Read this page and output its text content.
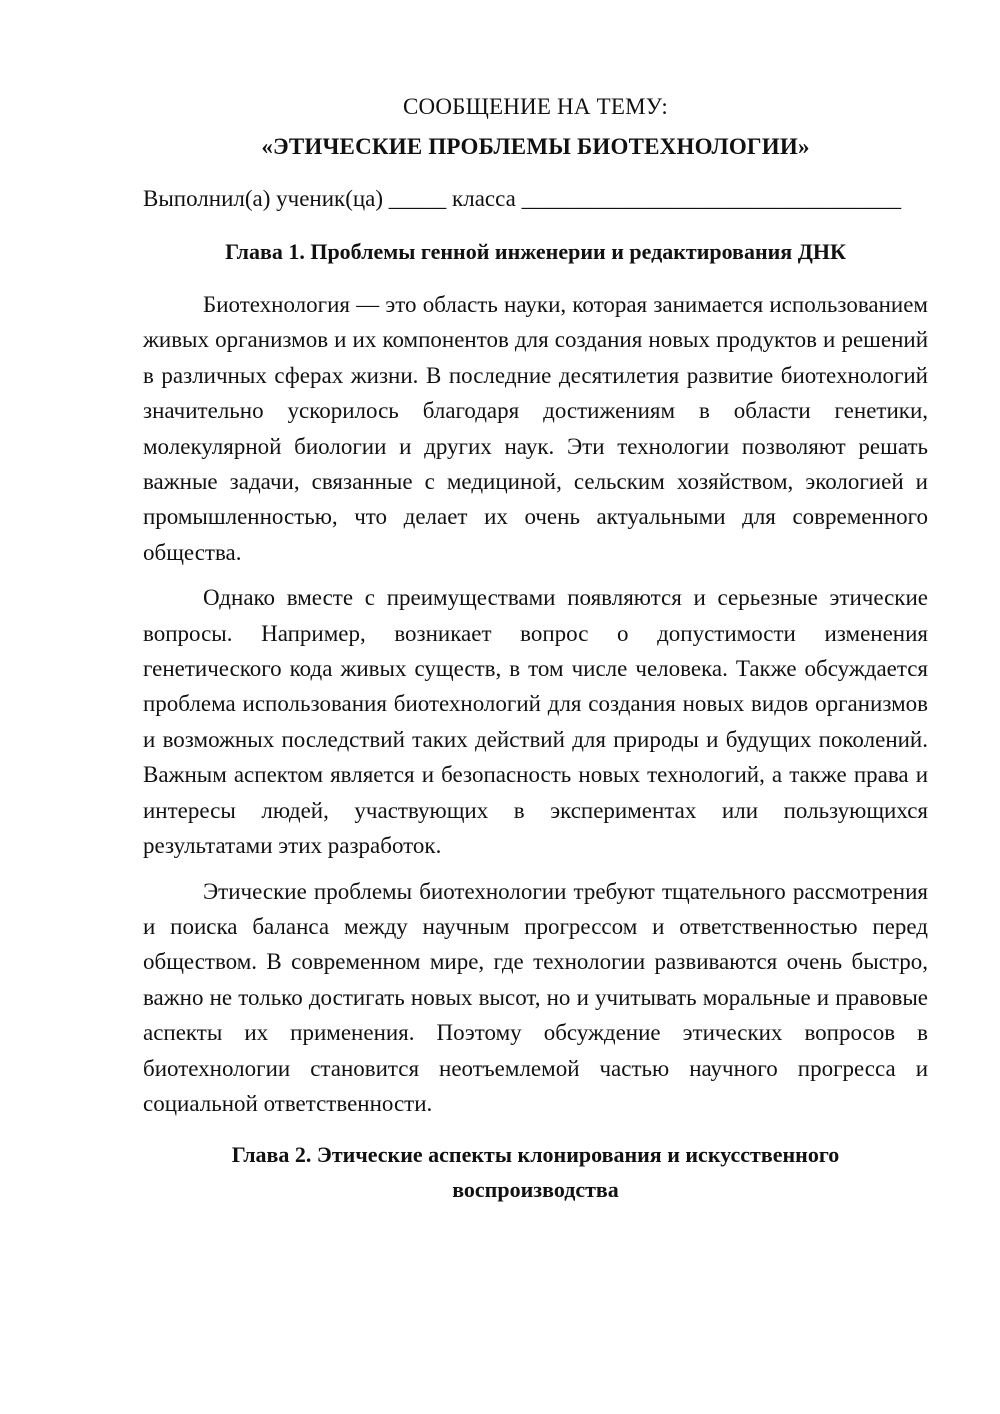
СООБЩЕНИЕ НА ТЕМУ:
«ЭТИЧЕСКИЕ ПРОБЛЕМЫ БИОТЕХНОЛОГИИ»
Выполнил(а) ученик(ца) _____ класса _________________________________
Глава 1. Проблемы генной инженерии и редактирования ДНК

Биотехнология — это область науки, которая занимается использованием живых организмов и их компонентов для создания новых продуктов и решений в различных сферах жизни. В последние десятилетия развитие биотехнологий значительно ускорилось благодаря достижениям в области генетики, молекулярной биологии и других наук. Эти технологии позволяют решать важные задачи, связанные с медициной, сельским хозяйством, экологией и промышленностью, что делает их очень актуальными для современного общества.

Однако вместе с преимуществами появляются и серьезные этические вопросы. Например, возникает вопрос о допустимости изменения генетического кода живых существ, в том числе человека. Также обсуждается проблема использования биотехнологий для создания новых видов организмов и возможных последствий таких действий для природы и будущих поколений. Важным аспектом является и безопасность новых технологий, а также права и интересы людей, участвующих в экспериментах или пользующихся результатами этих разработок.

Этические проблемы биотехнологии требуют тщательного рассмотрения и поиска баланса между научным прогрессом и ответственностью перед обществом. В современном мире, где технологии развиваются очень быстро, важно не только достигать новых высот, но и учитывать моральные и правовые аспекты их применения. Поэтому обсуждение этических вопросов в биотехнологии становится неотъемлемой частью научного прогресса и социальной ответственности.

Глава 2. Этические аспекты клонирования и искусственного
воспроизводства
